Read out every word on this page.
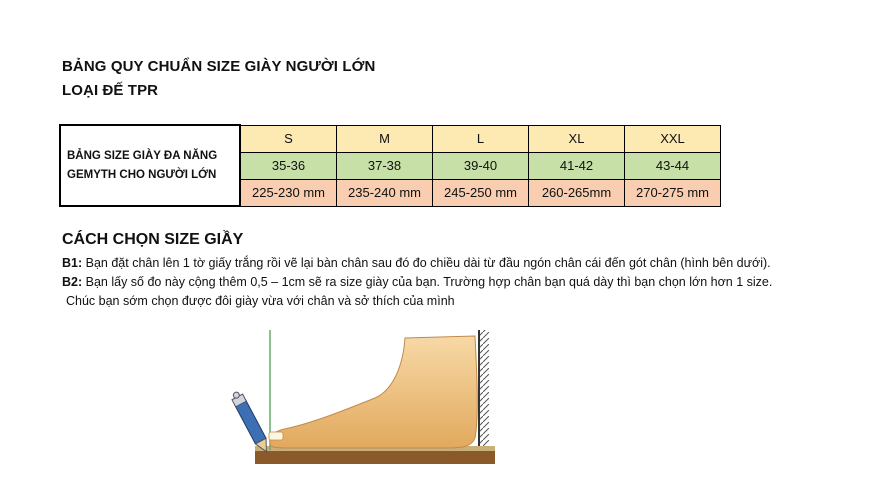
BẢNG QUY CHUẨN SIZE GIÀY NGƯỜI LỚN
LOẠI ĐẾ TPR
BẢNG SIZE GIÀY ĐA NĂNG
GEMYTH CHO NGƯỜI LỚN	S	M	L	XL	XXL
	35-36	37-38	39-40	41-42	43-44
	225-230 mm	235-240 mm	245-250 mm	260-265mm	270-275 mm
CÁCH CHỌN SIZE GIẦY
B1: Bạn đặt chân lên 1 tờ giấy trắng rồi vẽ lại bàn chân sau đó đo chiều dài từ đầu ngón chân cái đến gót chân (hình bên dưới).
B2: Bạn lấy số đo này cộng thêm 0,5 – 1cm sẽ ra size giày của bạn. Trường hợp chân bạn quá dày thì bạn chọn lớn hơn 1 size.
Chúc bạn sớm chọn được đôi giày vừa với chân và sở thích của mình
